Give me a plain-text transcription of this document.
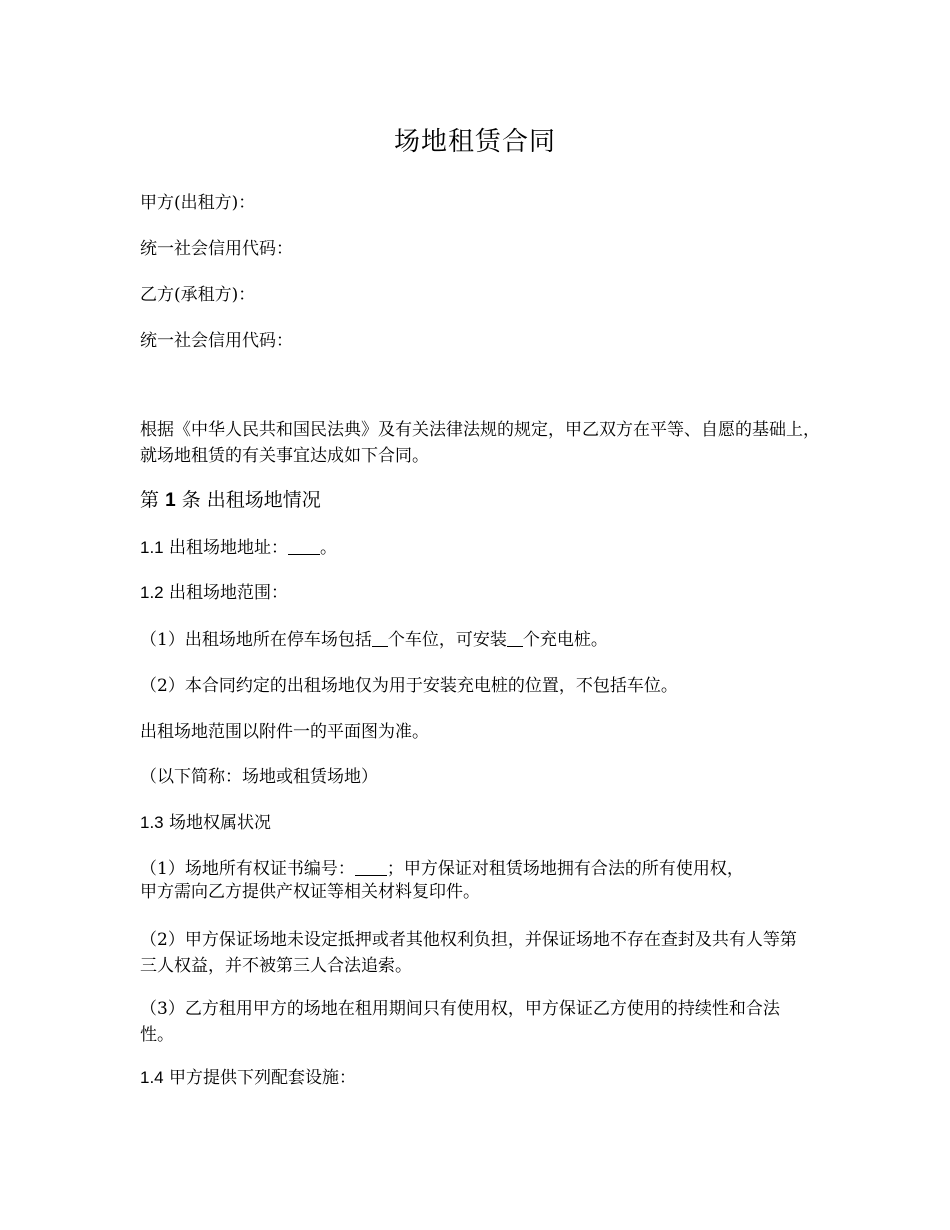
场地租赁合同
甲方(出租方)：
统一社会信用代码：
乙方(承租方)：
统一社会信用代码：
根据《中华人民共和国民法典》及有关法律法规的规定，甲乙双方在平等、自愿的基础上，就场地租赁的有关事宜达成如下合同。
第 1 条 出租场地情况
1.1 出租场地地址： 。
1.2 出租场地范围：
（1）出租场地所在停车场包括 个车位，可安装 个充电桩。
（2）本合同约定的出租场地仅为用于安装充电桩的位置，不包括车位。
出租场地范围以附件一的平面图为准。
（以下简称：场地或租赁场地）
1.3 场地权属状况
（1）场地所有权证书编号： ；甲方保证对租赁场地拥有合法的所有使用权，
甲方需向乙方提供产权证等相关材料复印件。
（2）甲方保证场地未设定抵押或者其他权利负担，并保证场地不存在查封及共有人等第三人权益，并不被第三人合法追索。
（3）乙方租用甲方的场地在租用期间只有使用权，甲方保证乙方使用的持续性和合法性。
1.4 甲方提供下列配套设施：
